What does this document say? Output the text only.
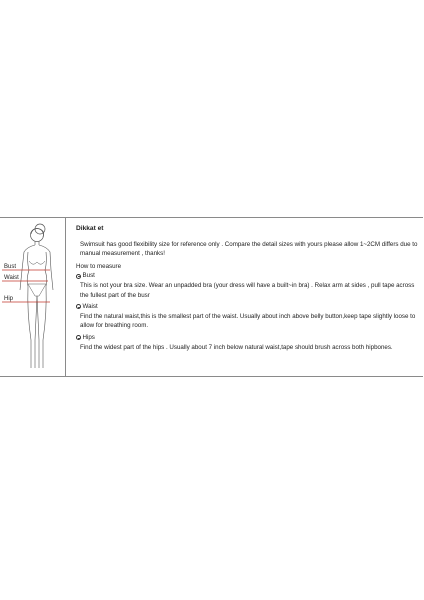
Bust
Waist
Hip

Dikkat et

Swimsuit has good flexibility size for reference only . Compare the detail sizes with yours please allow 1~2CM differs due to manual measurement , thanks!

How to measure

Bust

This is not your bra size. Wear an unpadded bra (your dress will have a built~in bra) . Relax arm at sides , pull tape across the fullest part of the busr

Waist

Find the natural waist,this is the smallest part of the waist. Usually about inch above belly button,keep tape slightly loose to allow for breathing room.

Hips

Find the widest part of the hips . Usually about 7 inch below natural waist,tape should brush across both hipbones.
